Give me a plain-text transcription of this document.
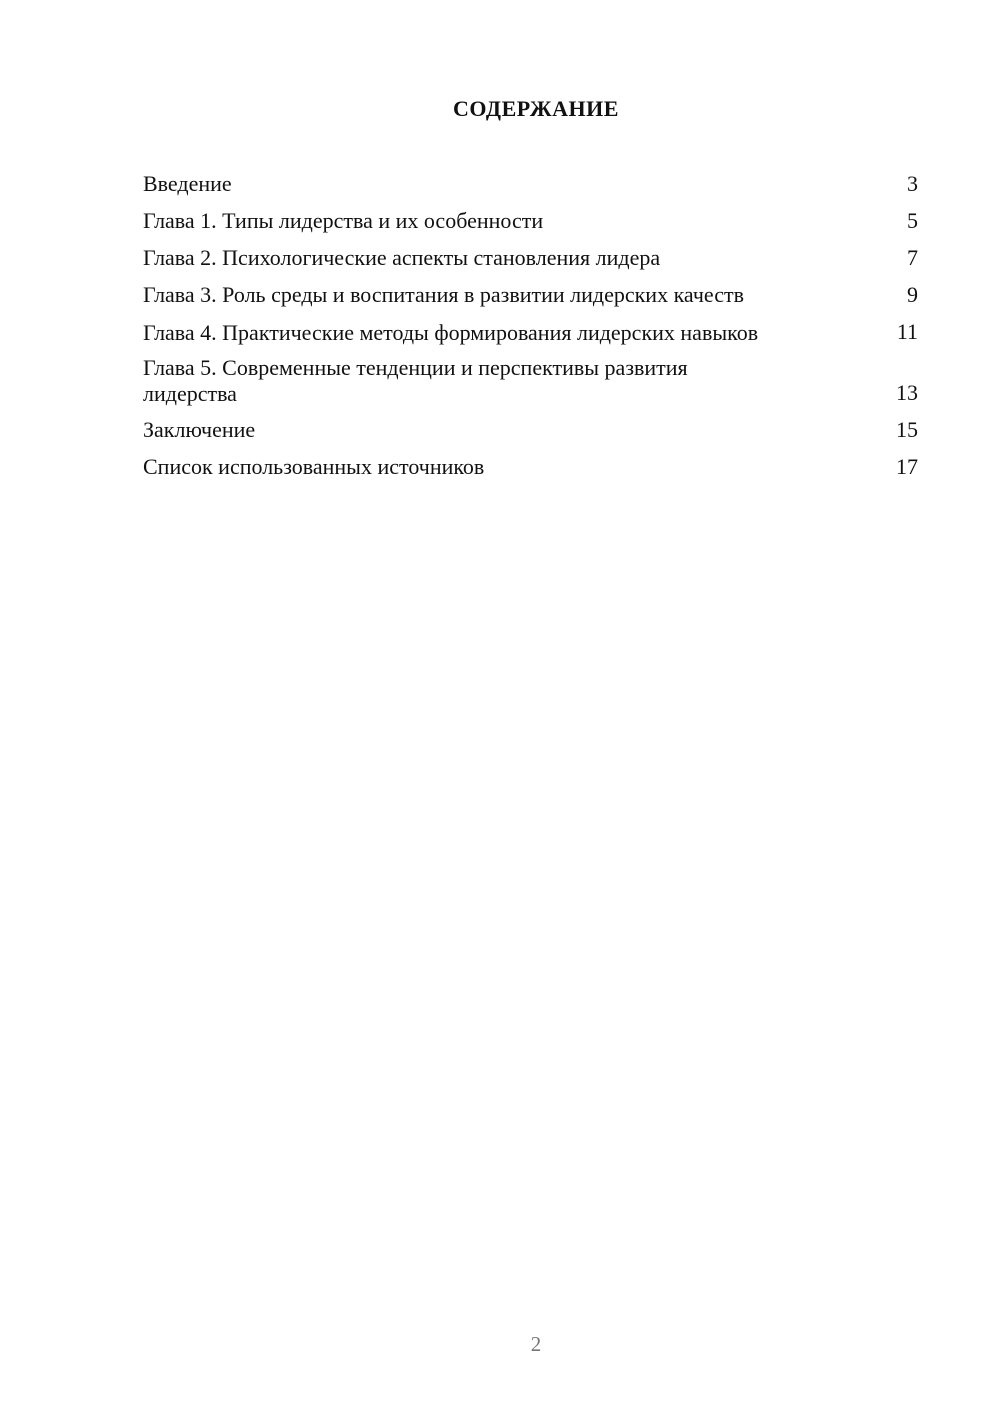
СОДЕРЖАНИЕ
Введение	3
Глава 1. Типы лидерства и их особенности	5
Глава 2. Психологические аспекты становления лидера	7
Глава 3. Роль среды и воспитания в развитии лидерских качеств	9
Глава 4. Практические методы формирования лидерских навыков	11
Глава 5. Современные тенденции и перспективы развития лидерства	13
Заключение	15
Список использованных источников	17
2
